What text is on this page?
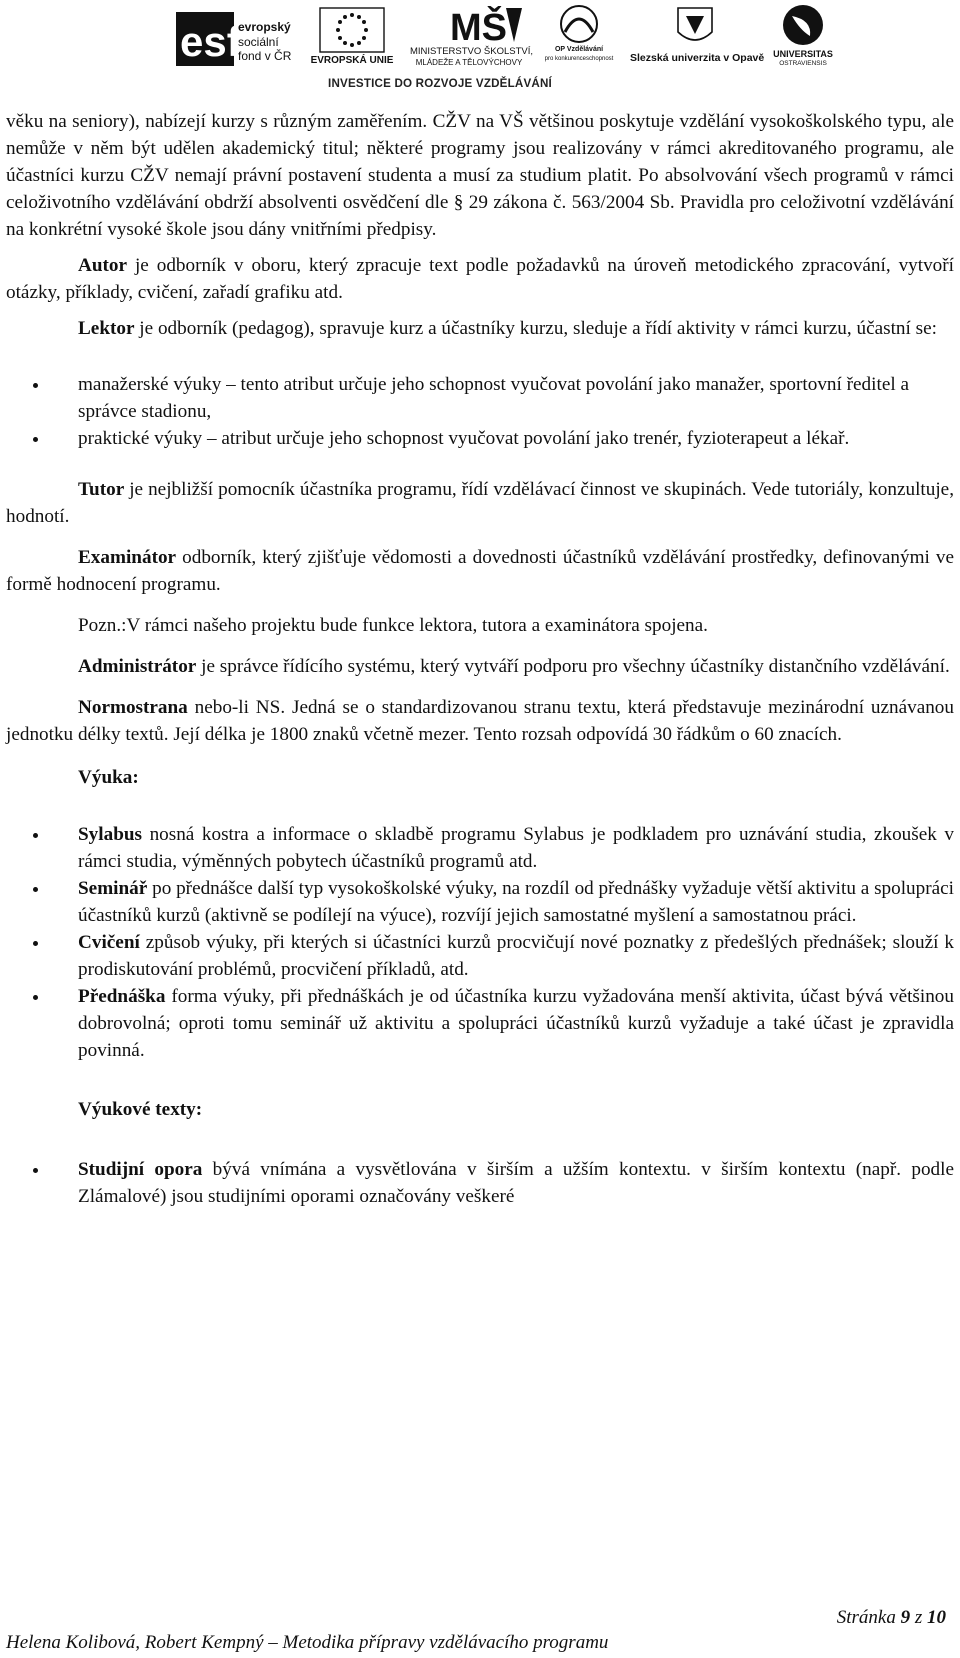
esf
evropský
sociální
fond v ČR	EVROPSKÁ UNIE
MŠ
MINISTERSTVO ŠKOLSTVÍ,
MLÁDEŽE A TĚLOVÝCHOVY
OP Vzdělávání
pro konkurenceschopnost	Slezská univerzita v Opavě UNIVERSITAS
OSTRAVIENSIS
INVESTICE DO ROZVOJE VZDĚLÁVÁNÍ

věku na seniory), nabízejí kurzy s různým zaměřením. CŽV na VŠ většinou poskytuje vzdělání vysokoškolského typu, ale nemůže v něm být udělen akademický titul; některé programy jsou realizovány v rámci akreditovaného programu, ale účastníci kurzu CŽV nemají právní postavení studenta a musí za studium platit. Po absolvování všech programů v rámci celoživotního vzdělávání obdrží absolventi osvědčení dle § 29 zákona č. 563/2004 Sb. Pravidla pro celoživotní vzdělávání na konkrétní vysoké škole jsou dány vnitřními předpisy.

Autor je odborník v oboru, který zpracuje text podle požadavků na úroveň metodického zpracování, vytvoří otázky, příklady, cvičení, zařadí grafiku atd.

Lektor je odborník (pedagog), spravuje kurz a účastníky kurzu, sleduje a řídí aktivity v rámci kurzu, účastní se:

manažerské výuky – tento atribut určuje jeho schopnost vyučovat povolání jako manažer, sportovní ředitel a správce stadionu,
praktické výuky – atribut určuje jeho schopnost vyučovat povolání jako trenér, fyzioterapeut a lékař.

Tutor je nejbližší pomocník účastníka programu, řídí vzdělávací činnost ve skupinách. Vede tutoriály, konzultuje, hodnotí.

Examinátor odborník, který zjišťuje vědomosti a dovednosti účastníků vzdělávání prostředky, definovanými ve formě hodnocení programu.

Pozn.:V rámci našeho projektu bude funkce lektora, tutora a examinátora spojena.

Administrátor je správce řídícího systému, který vytváří podporu pro všechny účastníky distančního vzdělávání.

Normostrana nebo-li NS. Jedná se o standardizovanou stranu textu, která představuje mezinárodní uznávanou jednotku délky textů. Její délka je 1800 znaků včetně mezer. Tento rozsah odpovídá 30 řádkům o 60 znacích.

Výuka:
Sylabus nosná kostra a informace o skladbě programu Sylabus je podkladem pro uznávání studia, zkoušek v rámci studia, výměnných pobytech účastníků programů atd.
Seminář po přednášce další typ vysokoškolské výuky, na rozdíl od přednášky vyžaduje větší aktivitu a spolupráci účastníků kurzů (aktivně se podílejí na výuce), rozvíjí jejich samostatné myšlení a samostatnou práci.
Cvičení způsob výuky, při kterých si účastníci kurzů procvičují nové poznatky z předešlých přednášek; slouží k prodiskutování problémů, procvičení příkladů, atd.
Přednáška forma výuky, při přednáškách je od účastníka kurzu vyžadována menší aktivita, účast bývá většinou dobrovolná; oproti tomu seminář už aktivitu a spolupráci účastníků kurzů vyžaduje a také účast je zpravidla povinná.
Výukové texty:
Studijní opora bývá vnímána a vysvětlována v širším a užším kontextu. v širším kontextu (např. podle Zlámalové) jsou studijními oporami označovány veškeré
Stránka 9 z 10
Helena Kolibová, Robert Kempný – Metodika přípravy vzdělávacího programu
